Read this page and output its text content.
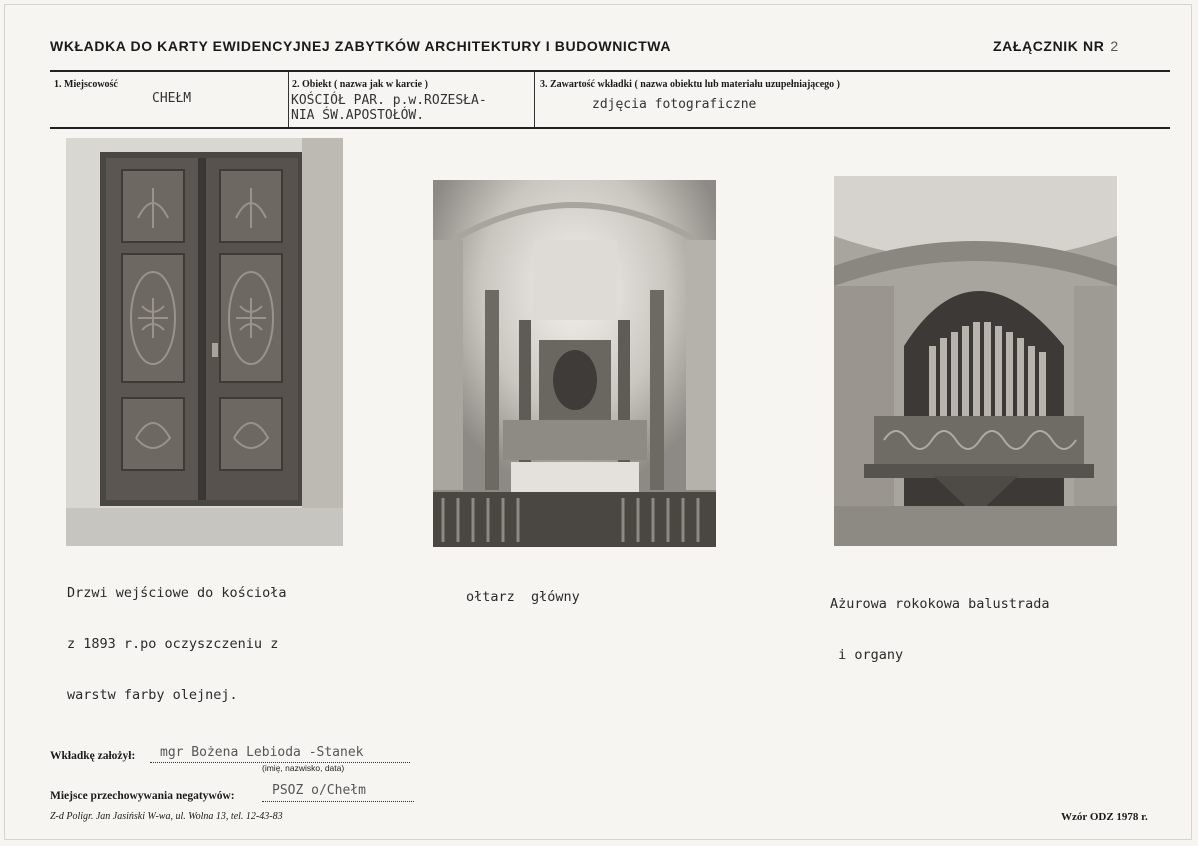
WKŁADKA DO KARTY EWIDENCYJNEJ ZABYTKÓW ARCHITEKTURY I BUDOWNICTWA	ZAŁĄCZNIK NR 2
1. Miejscowość
CHEŁM
2. Obiekt ( nazwa jak w karcie )
KOŚCIÓŁ PAR. p.w.ROZESŁA-
NIA ŚW.APOSTOŁÓW.
3. Zawartość wkładki ( nazwa obiektu lub materiału uzupełniającego )
zdjęcia fotograficzne

Drzwi wejściowe do kościoła

z 1893 r.po oczyszczeniu z

warstw farby olejnej.

ołtarz  główny

	Ażurowa rokokowa balustrada

i organy

Wkładkę założył: mgr Bożena Lebioda -Stanek
(imię, nazwisko, data)
Miejsce przechowywania negatywów:	PSOZ o/Chełm
Z-d Poligr. Jan Jasiński W-wa, ul. Wolna 13, tel. 12-43-83	Wzór ODZ 1978 r.
